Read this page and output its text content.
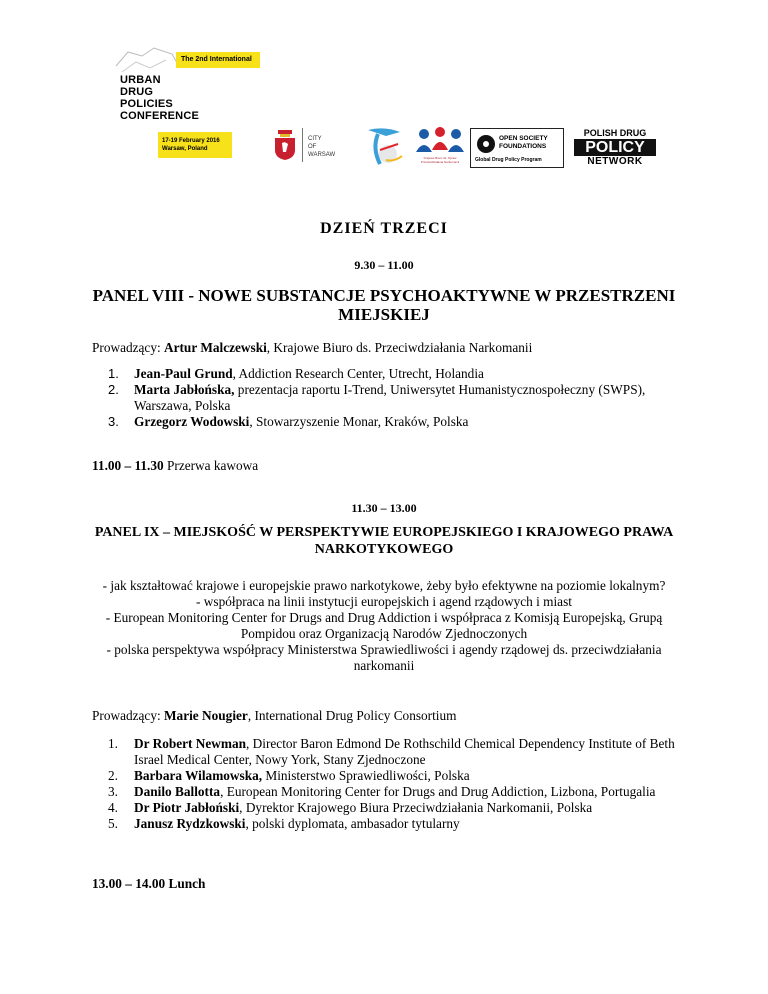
The 2nd International
URBAN
DRUG
POLICIES
CONFERENCE
17-19 February 2016
Warsaw, Poland
CITY
OF WARSAW	Krajowe Biuro ds. Spraw
Przeciwdziałania Narkomanii
OPEN SOCIETY
FOUNDATIONS
Global Drug Policy Program
POLISH DRUG
POLICY
NETWORK
DZIEŃ TRZECI
9.30 – 11.00
PANEL VIII - NOWE SUBSTANCJE PSYCHOAKTYWNE W PRZESTRZENI MIEJSKIEJ
Prowadzący: Artur Malczewski, Krajowe Biuro ds. Przeciwdziałania Narkomanii
1. Jean-Paul Grund, Addiction Research Center, Utrecht, Holandia
2. Marta Jabłońska, prezentacja raportu I-Trend, Uniwersytet Humanistycznospołeczny (SWPS), Warszawa, Polska
3. Grzegorz Wodowski, Stowarzyszenie Monar, Kraków, Polska
11.00 – 11.30 Przerwa kawowa
11.30 – 13.00
PANEL IX – MIEJSKOŚĆ W PERSPEKTYWIE EUROPEJSKIEGO I KRAJOWEGO PRAWA NARKOTYKOWEGO
- jak kształtować krajowe i europejskie prawo narkotykowe, żeby było efektywne na poziomie lokalnym?
- współpraca na linii instytucji europejskich i agend rządowych i miast
- European Monitoring Center for Drugs and Drug Addiction i współpraca z Komisją Europejską, Grupą Pompidou oraz Organizacją Narodów Zjednoczonych
- polska perspektywa współpracy Ministerstwa Sprawiedliwości i agendy rządowej ds. przeciwdziałania narkomanii
Prowadzący: Marie Nougier, International Drug Policy Consortium
1. Dr Robert Newman, Director Baron Edmond De Rothschild Chemical Dependency Institute of Beth Israel Medical Center, Nowy York, Stany Zjednoczone
2. Barbara Wilamowska, Ministerstwo Sprawiedliwości, Polska
3. Danilo Ballotta, European Monitoring Center for Drugs and Drug Addiction, Lizbona, Portugalia
4. Dr Piotr Jabłoński, Dyrektor Krajowego Biura Przeciwdziałania Narkomanii, Polska
5. Janusz Rydzkowski, polski dyplomata, ambasador tytularny
13.00 – 14.00 Lunch
